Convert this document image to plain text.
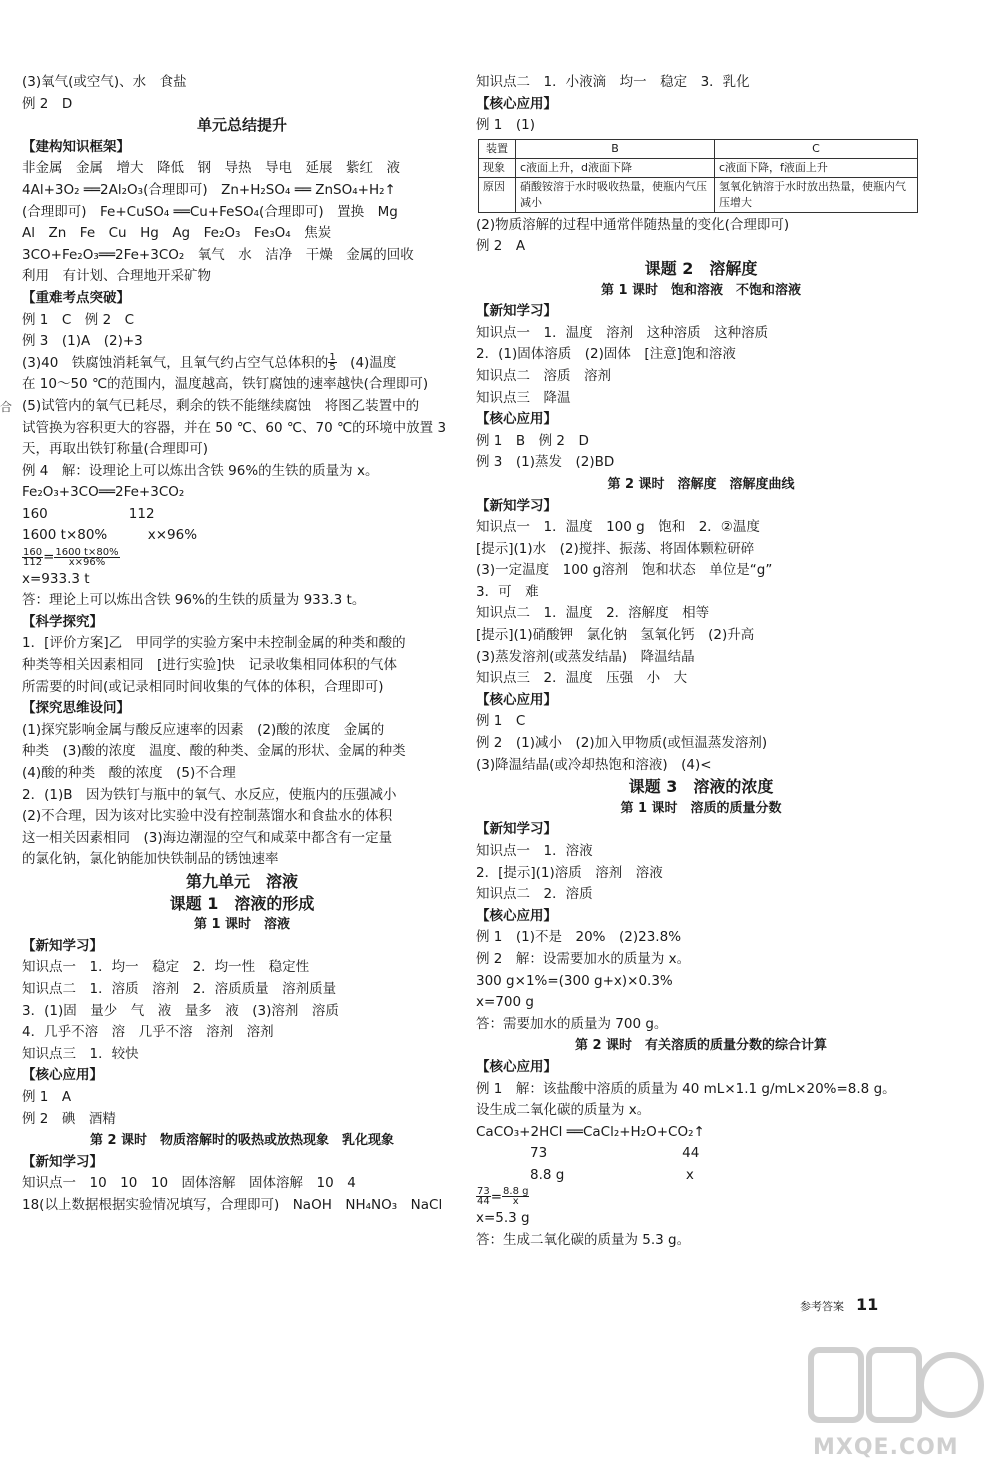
合
(3)氧气(或空气)、水　食盐
例 2　D
单元总结提升
【建构知识框架】
非金属　金属　增大　降低　钢　导热　导电　延展　紫红　液
4Al+3O₂ ══2Al₂O₃(合理即可)　Zn+H₂SO₄ ══ ZnSO₄+H₂↑
(合理即可)　Fe+CuSO₄ ══Cu+FeSO₄(合理即可)　置换　Mg
Al　Zn　Fe　Cu　Hg　Ag　Fe₂O₃　Fe₃O₄　焦炭
3CO+Fe₂O₃
══2Fe+3CO₂　氧气　水　洁净　干燥　金属的回收
利用　有计划、合理地开采矿物
【重难考点突破】
例 1　C　例 2　C
例 3　(1)A　(2)+3
(3)40　铁腐蚀消耗氧气，且氧气约占空气总体积的 $\frac{1}{5}$ 　(4)温度
在 10～50 ℃的范围内，温度越高，铁钉腐蚀的速率越快(合理即可)
(5)试管内的氧气已耗尽，剩余的铁不能继续腐蚀　将图乙装置中的
试管换为容积更大的容器，并在 50 ℃、60 ℃、70 ℃的环境中放置 3
天，再取出铁钉称量(合理即可)
例 4　解：设理论上可以炼出含铁 96%的生铁的质量为 x。
Fe₂O₃+3CO
══2Fe+3CO₂
160　　　　　　112
1600 t×80%　　　x×96%
$\frac{160}{112} = \frac{1600 t\times 80\%}{x\times 96\%}$
x=933.3 t
答：理论上可以炼出含铁 96%的生铁的质量为 933.3 t。
【科学探究】
1．[评价方案]乙　甲同学的实验方案中未控制金属的种类和酸的
种类等相关因素相同　[进行实验]快　记录收集相同体积的气体
所需要的时间(或记录相同时间收集的气体的体积，合理即可)
【探究思维设问】
(1)探究影响金属与酸反应速率的因素　(2)酸的浓度　金属的
种类　(3)酸的浓度　温度、酸的种类、金属的形状、金属的种类
(4)酸的种类　酸的浓度　(5)不合理
2．(1)B　因为铁钉与瓶中的氧气、水反应，使瓶内的压强减小
(2)不合理，因为该对比实验中没有控制蒸馏水和食盐水的体积
这一相关因素相同　(3)海边潮湿的空气和咸菜中都含有一定量
的氯化钠，氯化钠能加快铁制品的锈蚀速率
第九单元　溶液
课题 1　溶液的形成
第 1 课时　溶液
【新知学习】
知识点一　1．均一　稳定　2．均一性　稳定性
知识点二　1．溶质　溶剂　2．溶质质量　溶剂质量
3．(1)固　量少　气　液　量多　液　(3)溶剂　溶质
4．几乎不溶　溶　几乎不溶　溶剂　溶剂
知识点三　1．较快
【核心应用】
例 1　A
例 2　碘　酒精
第 2 课时　物质溶解时的吸热或放热现象　乳化现象
【新知学习】
知识点一　10　10　10　固体溶解　固体溶解　10　4
18(以上数据根据实验情况填写，合理即可)　NaOH　NH₄NO₃　NaCl
知识点二　1．小液滴　均一　稳定　3．乳化
【核心应用】
例 1　(1)
装置	B	C
现象	c液面上升，d液面下降	c液面下降，f液面上升
原因	硝酸铵溶于水时吸收热量，使瓶内气压减小	氢氧化钠溶于水时放出热量，使瓶内气压增大
(2)物质溶解的过程中通常伴随热量的变化(合理即可)
例 2　A
课题 2　溶解度
第 1 课时　饱和溶液　不饱和溶液
【新知学习】
知识点一　1．温度　溶剂　这种溶质　这种溶质
2．(1)固体溶质　(2)固体　[注意]饱和溶液
知识点二　溶质　溶剂
知识点三　降温
【核心应用】
例 1　B　例 2　D
例 3　(1)蒸发　(2)BD
第 2 课时　溶解度　溶解度曲线
【新知学习】
知识点一　1．温度　100 g　饱和　2．②温度
[提示](1)水　(2)搅拌、振荡、将固体颗粒研碎
(3)一定温度　100 g溶剂　饱和状态　单位是“g”
3．可　难
知识点二　1．温度　2．溶解度　相等
[提示](1)硝酸钾　氯化钠　氢氧化钙　(2)升高
(3)蒸发溶剂(或蒸发结晶)　降温结晶
知识点三　2．温度　压强　小　大
【核心应用】
例 1　C
例 2　(1)减小　(2)加入甲物质(或恒温蒸发溶剂)
(3)降温结晶(或冷却热饱和溶液)　(4)<
课题 3　溶液的浓度
第 1 课时　溶质的质量分数
【新知学习】
知识点一　1．溶液
2．[提示](1)溶质　溶剂　溶液
知识点二　2．溶质
【核心应用】
例 1　(1)不是　20%　(2)23.8%
例 2　解：设需要加水的质量为 x。
300 g×1%=(300 g+x)×0.3%
x=700 g
答：需要加水的质量为 700 g。
第 2 课时　有关溶质的质量分数的综合计算
【核心应用】
例 1　解：该盐酸中溶质的质量为 40 mL×1.1 g/mL×20%=8.8 g。
设生成二氧化碳的质量为 x。
CaCO₃+2HCl ══CaCl₂+H₂O+CO₂↑
　　　　73　　　　　　　　　　44
　　　　8.8 g　　　　　　　　　x
$\frac{73}{44} = \frac{8.8 g}{x}$
x=5.3 g
答：生成二氧化碳的质量为 5.3 g。
参考答案 11
MXQE.COM
